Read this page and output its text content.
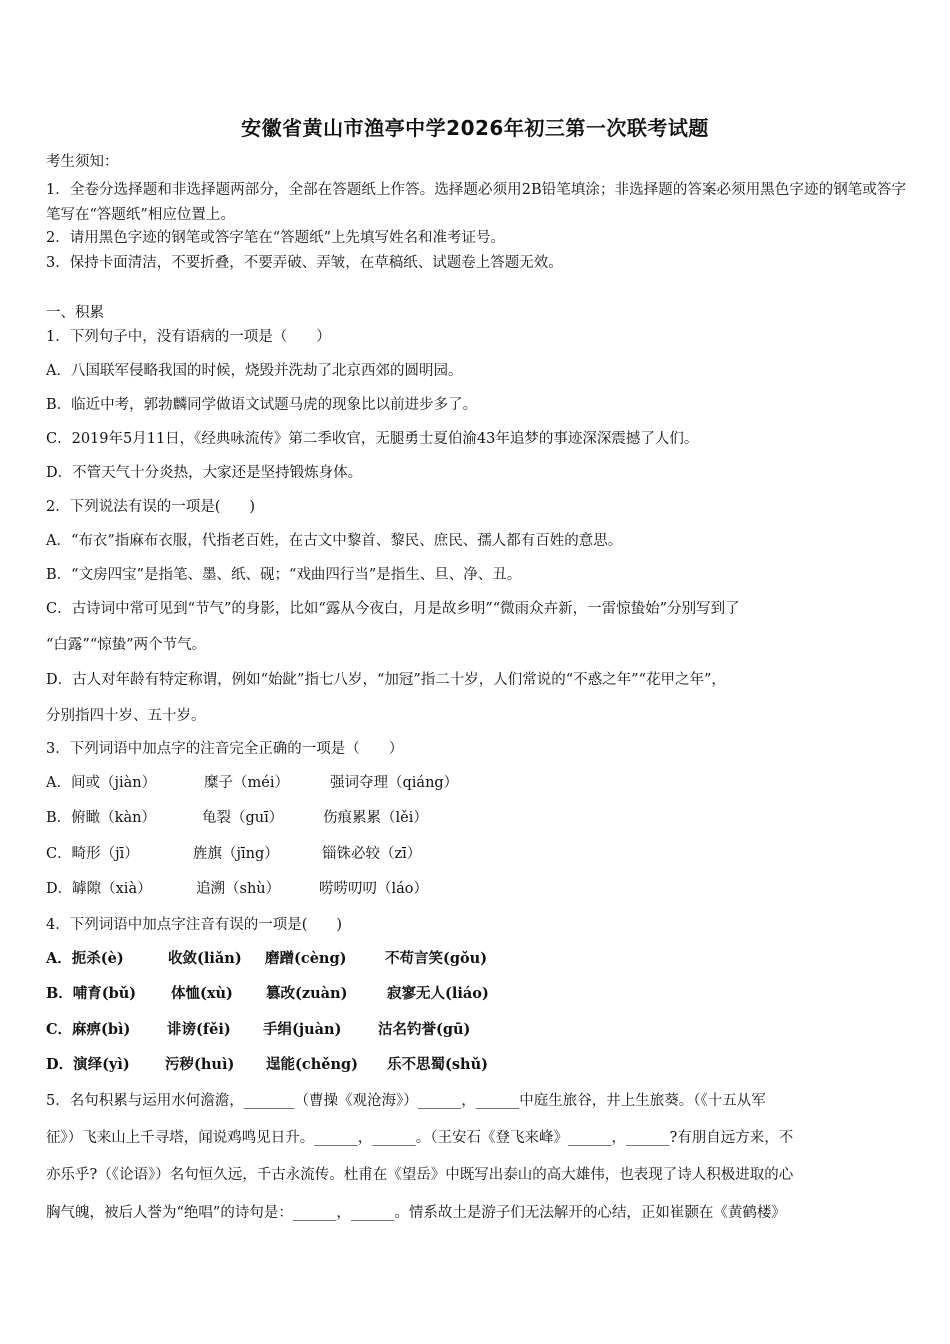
安徽省黄山市渔亭中学2026年初三第一次联考试题
考生须知：
1．全卷分选择题和非选择题两部分，全部在答题纸上作答。选择题必须用2B铅笔填涂；非选择题的答案必须用黑色字迹的钢笔或答字笔写在“答题纸”相应位置上。
2．请用黑色字迹的钢笔或答字笔在“答题纸”上先填写姓名和准考证号。
3．保持卡面清洁，不要折叠，不要弄破、弄皱，在草稿纸、试题卷上答题无效。
一、积累
1．下列句子中，没有语病的一项是（　　）
A．八国联军侵略我国的时候，烧毁并洗劫了北京西郊的圆明园。
B．临近中考，郭勃麟同学做语文试题马虎的现象比以前进步多了。
C．2019年5月11日，《经典咏流传》第二季收官，无腿勇士夏伯渝43年追梦的事迹深深震撼了人们。
D．不管天气十分炎热，大家还是坚持锻炼身体。
2．下列说法有误的一项是(　　)
A．“布衣”指麻布衣服，代指老百姓，在古文中黎首、黎民、庶民、孺人都有百姓的意思。
B．“文房四宝”是指笔、墨、纸、砚；“戏曲四行当”是指生、旦、净、丑。
C．古诗词中常可见到“节气”的身影，比如“露从今夜白，月是故乡明”“微雨众卉新，一雷惊蛰始”分别写到了
“白露”“惊蛰”两个节气。
D．古人对年龄有特定称谓，例如“始龀”指七八岁，“加冠”指二十岁，人们常说的“不惑之年”“花甲之年”，
分别指四十岁、五十岁。
3．下列词语中加点字的注音完全正确的一项是（　　）
A．间或（jiàn）	糜子（méi）	强词夺理（qiáng）
B．俯瞰（kàn）	龟裂（guī）	伤痕累累（lěi）
C．畸形（jī）	旌旗（jīng）	锱铢必较（zī）
D．罅隙（xià）	追溯（shù）	唠唠叨叨（láo）
4．下列词语中加点字注音有误的一项是(　　)
A．扼杀(è)	收敛(liǎn) 磨蹭(cèng)	不苟言笑(gǒu)
B．哺育(bǔ) 体恤(xù) 篡改(zuàn)	寂寥无人(liáo)
C．麻痹(bì)	诽谤(fěi) 手绢(juàn)	沽名钓誉(gū)
D．演绎(yì) 污秽(huì) 逞能(chěng) 乐不思蜀(shǔ)
5．名句积累与运用水何澹澹，_______（曹操《观沧海》）______，______中庭生旅谷，井上生旅葵。（《十五从军
征》）飞来山上千寻塔，闻说鸡鸣见日升。______，______。（王安石《登飞来峰》______，______?有朋自远方来，不
亦乐乎?（《论语》）名句恒久远，千古永流传。杜甫在《望岳》中既写出泰山的高大雄伟，也表现了诗人积极进取的心
胸气魄，被后人誉为“绝唱”的诗句是：______，______。情系故土是游子们无法解开的心结，正如崔颢在《黄鹤楼》
